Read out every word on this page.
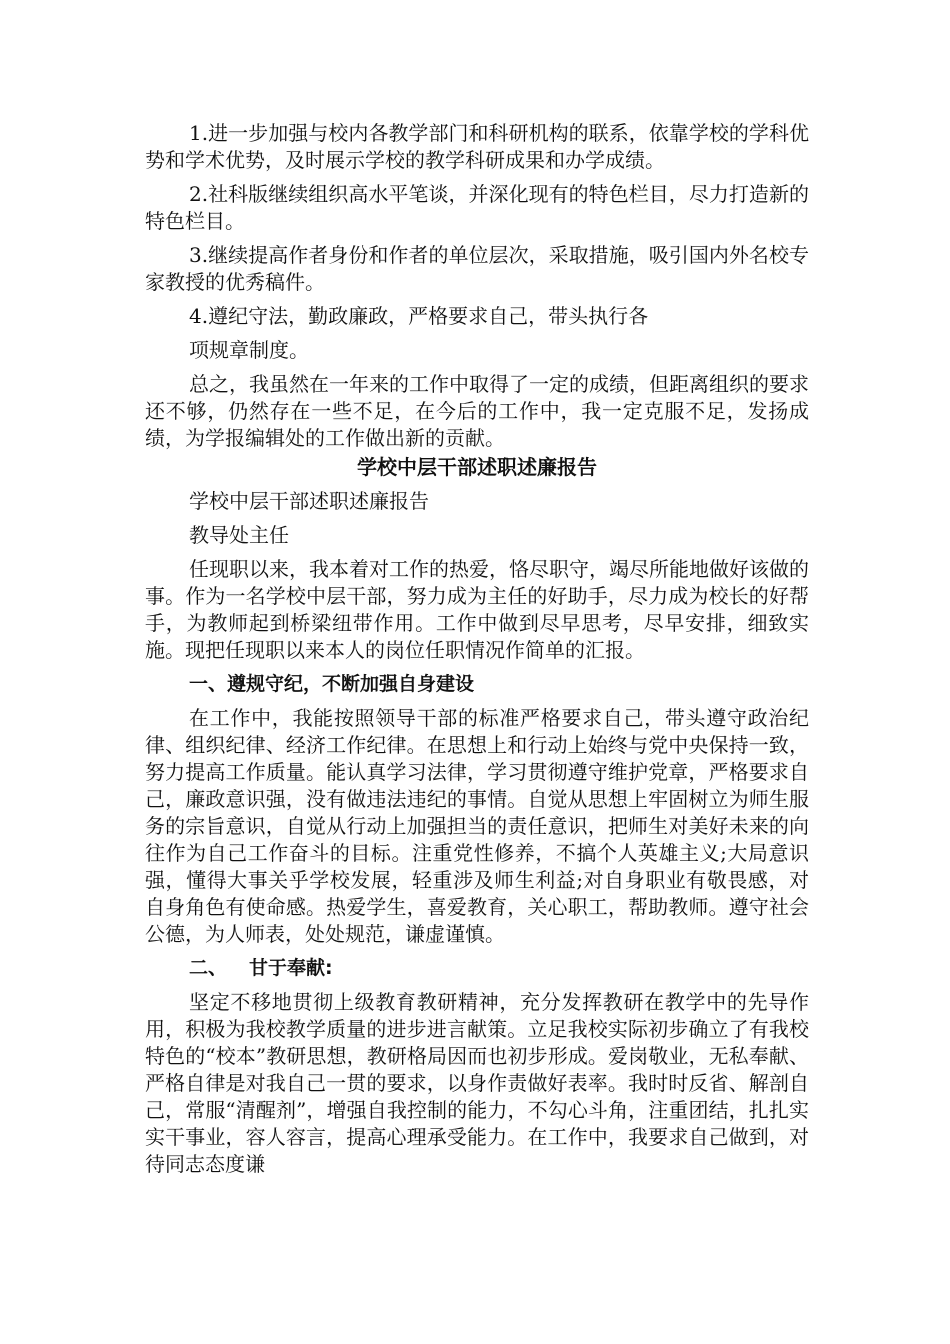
1.进一步加强与校内各教学部门和科研机构的联系，依靠学校的学科优势和学术优势，及时展示学校的教学科研成果和办学成绩。

2.社科版继续组织高水平笔谈，并深化现有的特色栏目，尽力打造新的特色栏目。

3.继续提高作者身份和作者的单位层次，采取措施，吸引国内外名校专家教授的优秀稿件。

4.遵纪守法，勤政廉政，严格要求自己，带头执行各

项规章制度。

总之，我虽然在一年来的工作中取得了一定的成绩，但距离组织的要求还不够，仍然存在一些不足，在今后的工作中，我一定克服不足，发扬成绩，为学报编辑处的工作做出新的贡献。

学校中层干部述职述廉报告

学校中层干部述职述廉报告

教导处主任

任现职以来，我本着对工作的热爱，恪尽职守，竭尽所能地做好该做的事。作为一名学校中层干部，努力成为主任的好助手，尽力成为校长的好帮手，为教师起到桥梁纽带作用。工作中做到尽早思考，尽早安排，细致实施。现把任现职以来本人的岗位任职情况作简单的汇报。

一、遵规守纪，不断加强自身建设

在工作中，我能按照领导干部的标准严格要求自己，带头遵守政治纪律、组织纪律、经济工作纪律。在思想上和行动上始终与党中央保持一致，努力提高工作质量。能认真学习法律，学习贯彻遵守维护党章，严格要求自己，廉政意识强，没有做违法违纪的事情。自觉从思想上牢固树立为师生服务的宗旨意识，自觉从行动上加强担当的责任意识，把师生对美好未来的向往作为自己工作奋斗的目标。注重党性修养，不搞个人英雄主义;大局意识强，懂得大事关乎学校发展，轻重涉及师生利益;对自身职业有敬畏感，对自身角色有使命感。热爱学生，喜爱教育，关心职工，帮助教师。遵守社会公德，为人师表，处处规范，谦虚谨慎。

二、 甘于奉献:

坚定不移地贯彻上级教育教研精神，充分发挥教研在教学中的先导作用，积极为我校教学质量的进步进言献策。立足我校实际初步确立了有我校特色的“校本”教研思想，教研格局因而也初步形成。爱岗敬业，无私奉献、严格自律是对我自己一贯的要求，以身作责做好表率。我时时反省、解剖自己，常服“清醒剂”，增强自我控制的能力，不勾心斗角，注重团结，扎扎实实干事业，容人容言，提高心理承受能力。在工作中，我要求自己做到，对待同志态度谦
